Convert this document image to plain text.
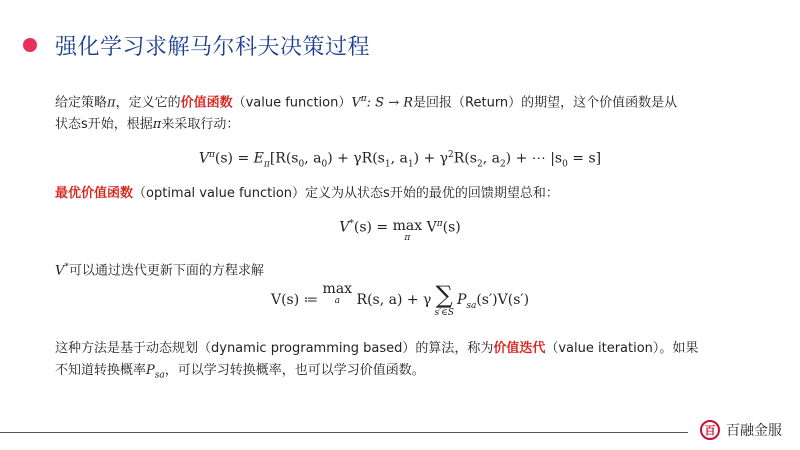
强化学习求解马尔科夫决策过程
给定策略π，定义它的价值函数（value $function)V^\pi$: S → R是回报（Return）的期望，这个价值函数是从
状态s开始，根据π来采取行动：
$V^\pi(s) = E_\pi[R(s_0$, $a_0) + \gamma R(s_1$, $a_1) + \gamma^2R(s_2$, $a_2$) + ⋯ $|s_0 = s$]
最优价值函数（optimal value function）定义为从状态s开始的最优的回馈期望总和：
V*(s) = max
π
$V^\pi(s)$
V*可以通过迭代更新下面的方程求解
V(s) ≔
max
a R(s, a) + γ ∑
s′∈S
$P_{sa}(s')V(s')$
这种方法是基于动态规划（dynamic programming based）的算法，称为价值迭代（value iteration）。如果
不知道转换概率$P_{sa}$，可以学习转换概率，也可以学习价值函数。
百 百融金服
